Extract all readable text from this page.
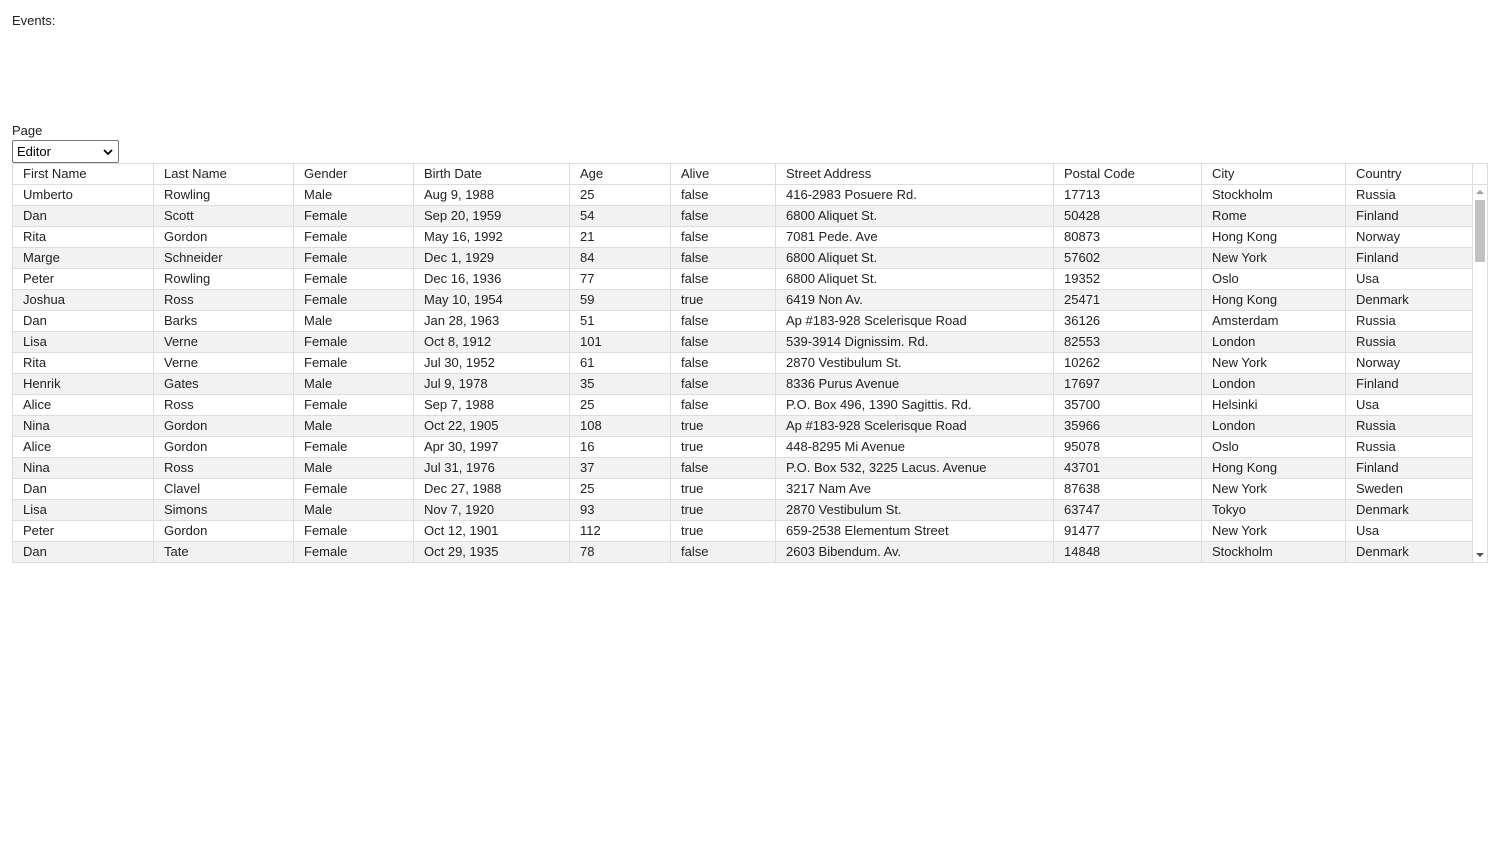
Events:
Page
Editor
First Name	Last Name	Gender	Birth Date	Age	Alive	Street Address	Postal Code	City	Country
Umberto	Rowling	Male	Aug 9, 1988	25	false	416-2983 Posuere Rd.	17713	Stockholm	Russia
Dan	Scott	Female	Sep 20, 1959	54	false	6800 Aliquet St.	50428	Rome	Finland
Rita	Gordon	Female	May 16, 1992	21	false	7081 Pede. Ave	80873	Hong Kong	Norway
Marge	Schneider	Female	Dec 1, 1929	84	false	6800 Aliquet St.	57602	New York	Finland
Peter	Rowling	Female	Dec 16, 1936	77	false	6800 Aliquet St.	19352	Oslo	Usa
Joshua	Ross	Female	May 10, 1954	59	true	6419 Non Av.	25471	Hong Kong	Denmark
Dan	Barks	Male	Jan 28, 1963	51	false	Ap #183-928 Scelerisque Road	36126	Amsterdam	Russia
Lisa	Verne	Female	Oct 8, 1912	101	false	539-3914 Dignissim. Rd.	82553	London	Russia
Rita	Verne	Female	Jul 30, 1952	61	false	2870 Vestibulum St.	10262	New York	Norway
Henrik	Gates	Male	Jul 9, 1978	35	false	8336 Purus Avenue	17697	London	Finland
Alice	Ross	Female	Sep 7, 1988	25	false	P.O. Box 496, 1390 Sagittis. Rd.	35700	Helsinki	Usa
Nina	Gordon	Male	Oct 22, 1905	108	true	Ap #183-928 Scelerisque Road	35966	London	Russia
Alice	Gordon	Female	Apr 30, 1997	16	true	448-8295 Mi Avenue	95078	Oslo	Russia
Nina	Ross	Male	Jul 31, 1976	37	false	P.O. Box 532, 3225 Lacus. Avenue	43701	Hong Kong	Finland
Dan	Clavel	Female	Dec 27, 1988	25	true	3217 Nam Ave	87638	New York	Sweden
Lisa	Simons	Male	Nov 7, 1920	93	true	2870 Vestibulum St.	63747	Tokyo	Denmark
Peter	Gordon	Female	Oct 12, 1901	112	true	659-2538 Elementum Street	91477	New York	Usa
Dan	Tate	Female	Oct 29, 1935	78	false	2603 Bibendum. Av.	14848	Stockholm	Denmark
